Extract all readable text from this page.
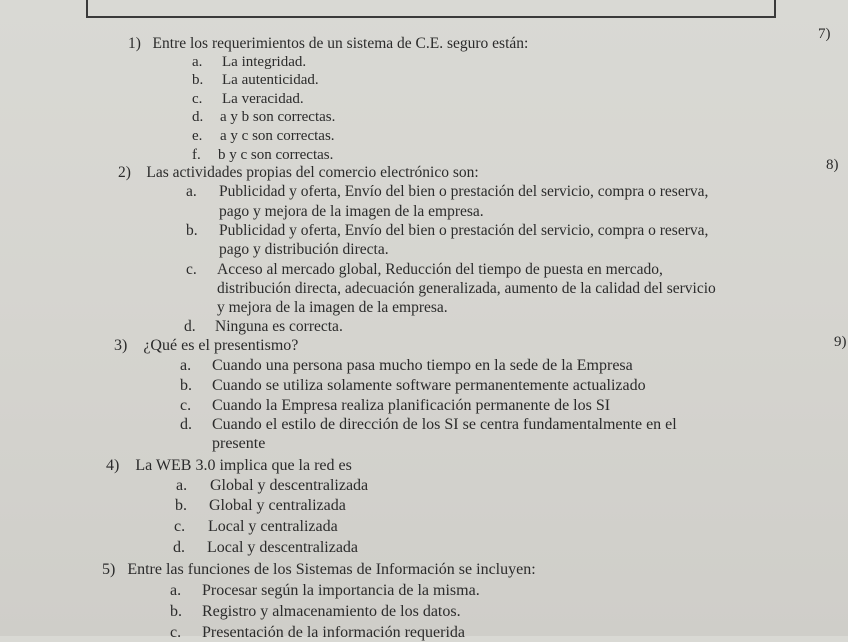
7)
8)
9)
1) Entre los requerimientos de un sistema de C.E. seguro están:
a. La integridad.
b. La autenticidad.
c. La veracidad.
d. a y b son correctas.
e. a y c son correctas.
f. b y c son correctas.
2) Las actividades propias del comercio electrónico son:
a. Publicidad y oferta, Envío del bien o prestación del servicio, compra o reserva,
pago y mejora de la imagen de la empresa.
b. Publicidad y oferta, Envío del bien o prestación del servicio, compra o reserva,
pago y distribución directa.
c. Acceso al mercado global, Reducción del tiempo de puesta en mercado,
distribución directa, adecuación generalizada, aumento de la calidad del servicio
y mejora de la imagen de la empresa.
d. Ninguna es correcta.
3) ¿Qué es el presentismo?
a. Cuando una persona pasa mucho tiempo en la sede de la Empresa
b. Cuando se utiliza solamente software permanentemente actualizado
c. Cuando la Empresa realiza planificación permanente de los SI
d. Cuando el estilo de dirección de los SI se centra fundamentalmente en el
presente
4) La WEB 3.0 implica que la red es
a. Global y descentralizada
b. Global y centralizada
c. Local y centralizada
d. Local y descentralizada
5) Entre las funciones de los Sistemas de Información se incluyen:
a. Procesar según la importancia de la misma.
b. Registro y almacenamiento de los datos.
c. Presentación de la información requerida
